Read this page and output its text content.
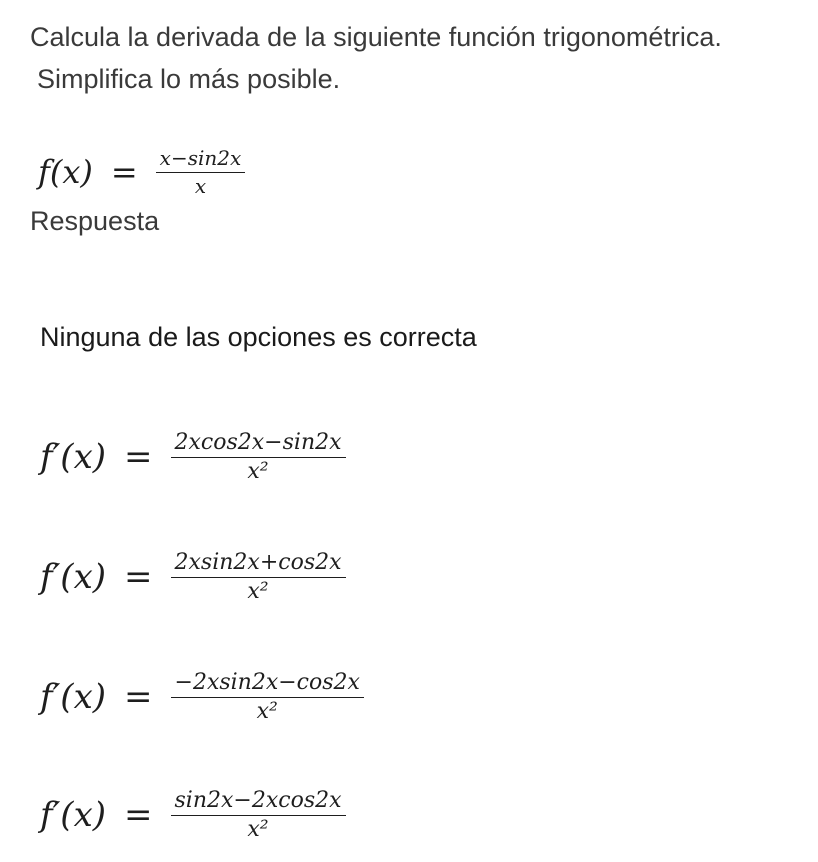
Calcula la derivada de la siguiente función trigonométrica.
Simplifica lo más posible.
$f(x) = \frac{x-\sin 2x}{x}$
Respuesta
Ninguna de las opciones es correcta
$f'(x) = \frac{2xcos2x-\sin 2x}{\text{x²}}$
$f'(x) = \frac{2xsin2x+\cos 2x}{\text{x²}}$
$f'(x) = \frac{-2xsin2x-\cos 2x}{\text{x²}}$
$f'(x) = \frac{\sin 2x-2xcos2x}{\text{x²}}$
